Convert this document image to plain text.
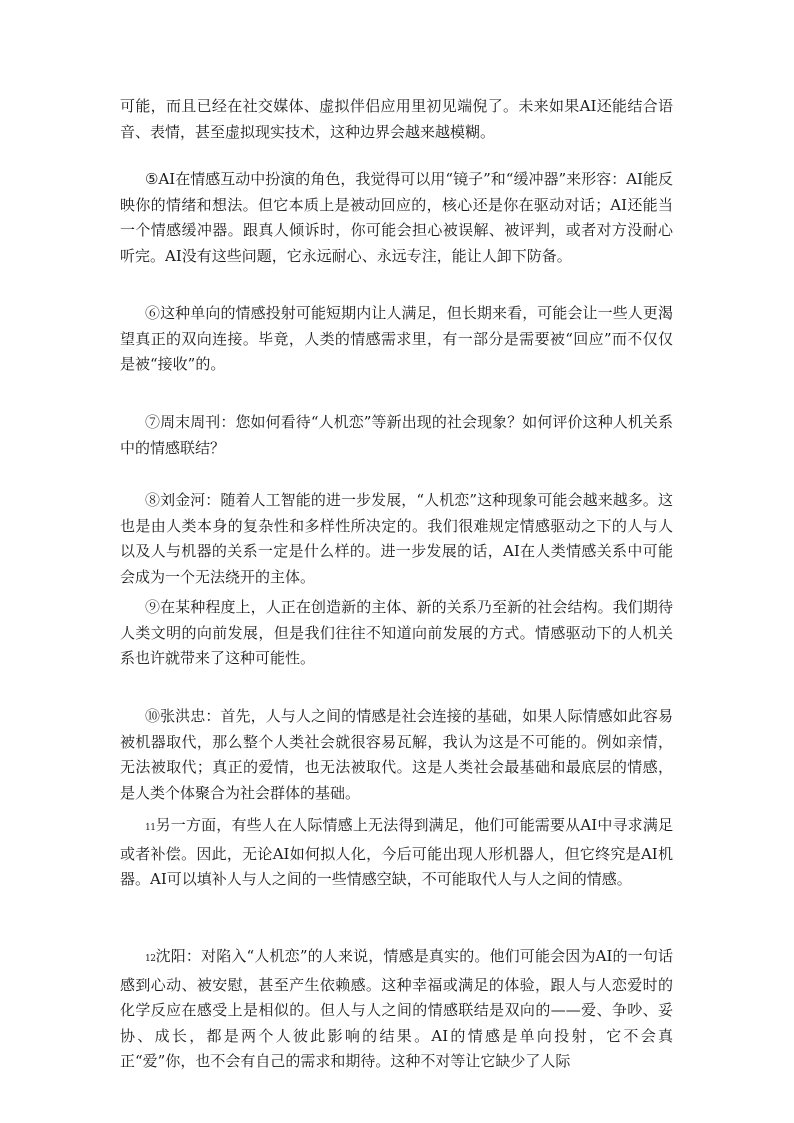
可能，而且已经在社交媒体、虚拟伴侣应用里初见端倪了。未来如果AI还能结合语音、表情，甚至虚拟现实技术，这种边界会越来越模糊。

⑤AI在情感互动中扮演的角色，我觉得可以用“镜子”和“缓冲器”来形容：AI能反映你的情绪和想法。但它本质上是被动回应的，核心还是你在驱动对话；AI还能当一个情感缓冲器。跟真人倾诉时，你可能会担心被误解、被评判，或者对方没耐心听完。AI没有这些问题，它永远耐心、永远专注，能让人卸下防备。

⑥这种单向的情感投射可能短期内让人满足，但长期来看，可能会让一些人更渴望真正的双向连接。毕竟，人类的情感需求里，有一部分是需要被“回应”而不仅仅是被“接收”的。

⑦周末周刊：您如何看待“人机恋”等新出现的社会现象？如何评价这种人机关系中的情感联结？

⑧刘金河：随着人工智能的进一步发展，“人机恋”这种现象可能会越来越多。这也是由人类本身的复杂性和多样性所决定的。我们很难规定情感驱动之下的人与人以及人与机器的关系一定是什么样的。进一步发展的话，AI在人类情感关系中可能会成为一个无法绕开的主体。

⑨在某种程度上，人正在创造新的主体、新的关系乃至新的社会结构。我们期待人类文明的向前发展，但是我们往往不知道向前发展的方式。情感驱动下的人机关系也许就带来了这种可能性。

⑩张洪忠：首先，人与人之间的情感是社会连接的基础，如果人际情感如此容易被机器取代，那么整个人类社会就很容易瓦解，我认为这是不可能的。例如亲情，无法被取代；真正的爱情，也无法被取代。这是人类社会最基础和最底层的情感，是人类个体聚合为社会群体的基础。

11另一方面，有些人在人际情感上无法得到满足，他们可能需要从AI中寻求满足或者补偿。因此，无论AI如何拟人化，今后可能出现人形机器人，但它终究是AI机器。AI可以填补人与人之间的一些情感空缺，不可能取代人与人之间的情感。

12沈阳：对陷入“人机恋”的人来说，情感是真实的。他们可能会因为AI的一句话感到心动、被安慰，甚至产生依赖感。这种幸福或满足的体验，跟人与人恋爱时的化学反应在感受上是相似的。但人与人之间的情感联结是双向的——爱、争吵、妥协、成长，都是两个人彼此影响的结果。AI的情感是单向投射，它不会真正“爱”你，也不会有自己的需求和期待。这种不对等让它缺少了人际
